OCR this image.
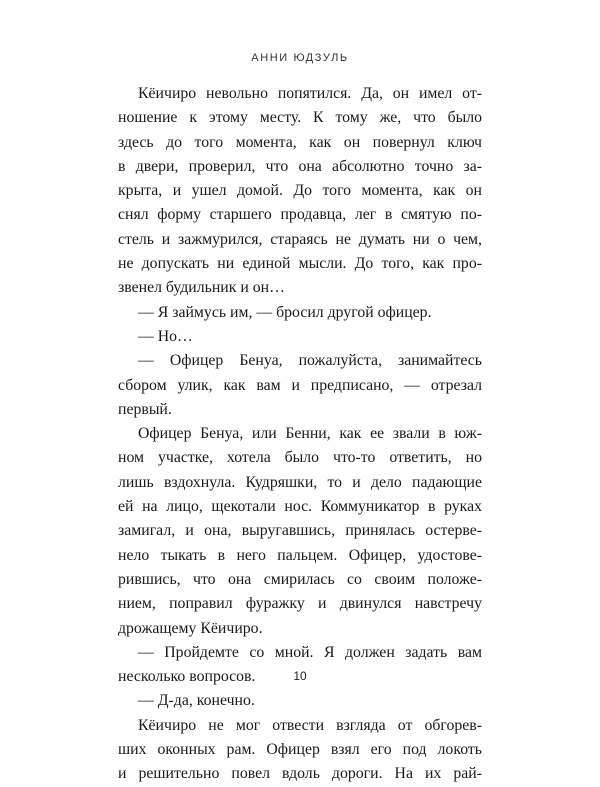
АННИ ЮДЗУЛЬ
Кёичиро невольно попятился. Да, он имел от-
ношение к этому месту. К тому же, что было
здесь до того момента, как он повернул ключ
в двери, проверил, что она абсолютно точно за-
крыта, и ушел домой. До того момента, как он
снял форму старшего продавца, лег в смятую по-
стель и зажмурился, стараясь не думать ни о чем,
не допускать ни единой мысли. До того, как про-
звенел будильник и он…
— Я займусь им, — бросил другой офицер.
— Но…
— Офицер Бенуа, пожалуйста, занимайтесь
сбором улик, как вам и предписано, — отрезал
первый.
Офицер Бенуа, или Бенни, как ее звали в юж-
ном участке, хотела было что-то ответить, но
лишь вздохнула. Кудряшки, то и дело падающие
ей на лицо, щекотали нос. Коммуникатор в руках
замигал, и она, выругавшись, принялась остерве-
нело тыкать в него пальцем. Офицер, удостове-
рившись, что она смирилась со своим положе-
нием, поправил фуражку и двинулся навстречу
дрожащему Кёичиро.
— Пройдемте со мной. Я должен задать вам
несколько вопросов.
— Д-да, конечно.
Кёичиро не мог отвести взгляда от обгорев-
ших оконных рам. Офицер взял его под локоть
и решительно повел вдоль дороги. На их рай-
10
